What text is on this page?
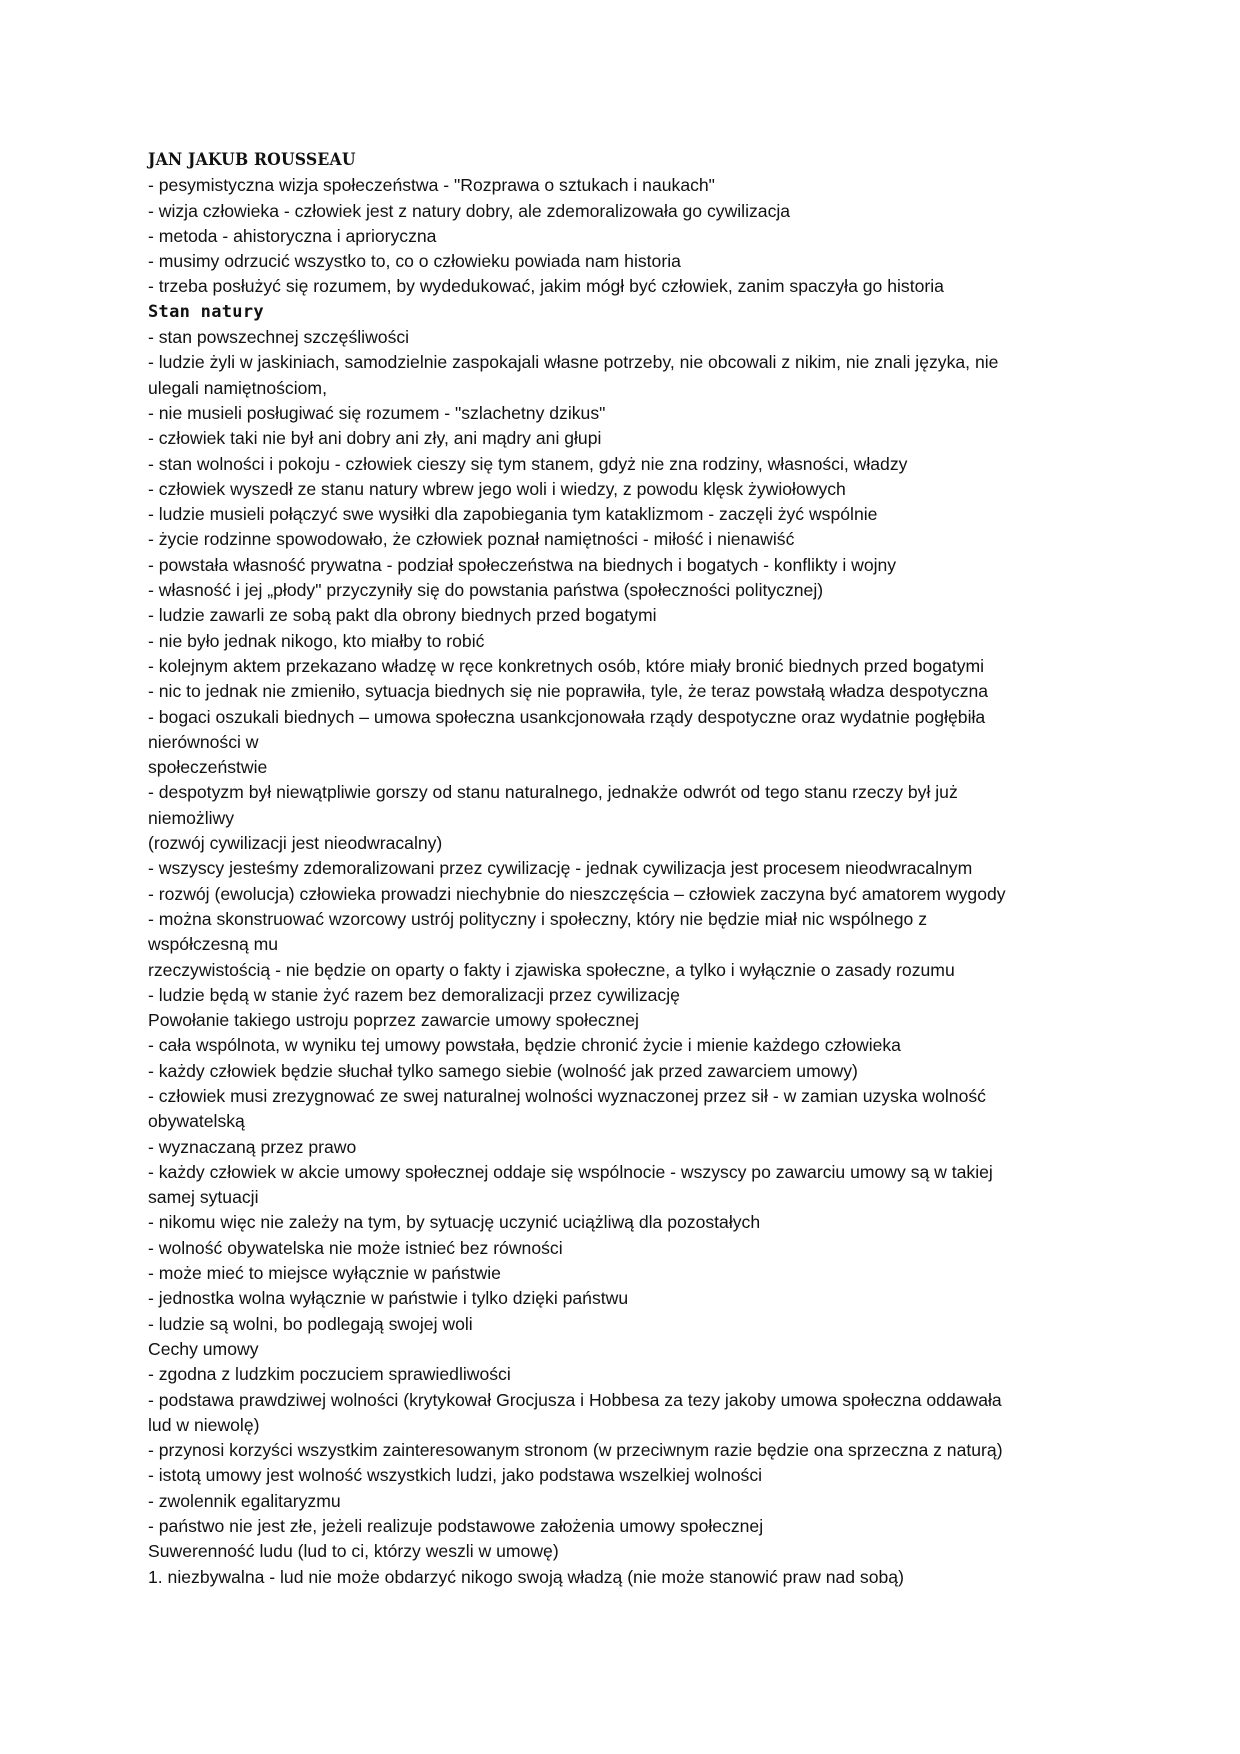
JAN JAKUB ROUSSEAU
- pesymistyczna wizja społeczeństwa - "Rozprawa o sztukach i naukach"
- wizja człowieka - człowiek jest z natury dobry, ale zdemoralizowała go cywilizacja
- metoda - ahistoryczna i aprioryczna
- musimy odrzucić wszystko to, co o człowieku powiada nam historia
- trzeba posłużyć się rozumem, by wydedukować, jakim mógł być człowiek, zanim spaczyła go historia
Stan natury
- stan powszechnej szczęśliwości
- ludzie żyli w jaskiniach, samodzielnie zaspokajali własne potrzeby, nie obcowali z nikim, nie znali języka, nie
ulegali namiętnościom,
- nie musieli posługiwać się rozumem - "szlachetny dzikus"
- człowiek taki nie był ani dobry ani zły, ani mądry ani głupi
- stan wolności i pokoju - człowiek cieszy się tym stanem, gdyż nie zna rodziny, własności, władzy
- człowiek wyszedł ze stanu natury wbrew jego woli i wiedzy, z powodu klęsk żywiołowych
- ludzie musieli połączyć swe wysiłki dla zapobiegania tym kataklizmom - zaczęli żyć wspólnie
- życie rodzinne spowodowało, że człowiek poznał namiętności - miłość i nienawiść
- powstała własność prywatna - podział społeczeństwa na biednych i bogatych - konflikty i wojny
- własność i jej „płody" przyczyniły się do powstania państwa (społeczności politycznej)
- ludzie zawarli ze sobą pakt dla obrony biednych przed bogatymi
- nie było jednak nikogo, kto miałby to robić
- kolejnym aktem przekazano władzę w ręce konkretnych osób, które miały bronić biednych przed bogatymi
- nic to jednak nie zmieniło, sytuacja biednych się nie poprawiła, tyle, że teraz powstałą władza despotyczna
- bogaci oszukali biednych – umowa społeczna usankcjonowała rządy despotyczne oraz wydatnie pogłębiła
nierówności w
społeczeństwie
- despotyzm był niewątpliwie gorszy od stanu naturalnego, jednakże odwrót od tego stanu rzeczy był już
niemożliwy
(rozwój cywilizacji jest nieodwracalny)
- wszyscy jesteśmy zdemoralizowani przez cywilizację - jednak cywilizacja jest procesem nieodwracalnym
- rozwój (ewolucja) człowieka prowadzi niechybnie do nieszczęścia – człowiek zaczyna być amatorem wygody
- można skonstruować wzorcowy ustrój polityczny i społeczny, który nie będzie miał nic wspólnego z
współczesną mu
rzeczywistością - nie będzie on oparty o fakty i zjawiska społeczne, a tylko i wyłącznie o zasady rozumu
- ludzie będą w stanie żyć razem bez demoralizacji przez cywilizację
Powołanie takiego ustroju poprzez zawarcie umowy społecznej
- cała wspólnota, w wyniku tej umowy powstała, będzie chronić życie i mienie każdego człowieka
- każdy człowiek będzie słuchał tylko samego siebie (wolność jak przed zawarciem umowy)
- człowiek musi zrezygnować ze swej naturalnej wolności wyznaczonej przez sił - w zamian uzyska wolność
obywatelską
- wyznaczaną przez prawo
- każdy człowiek w akcie umowy społecznej oddaje się wspólnocie - wszyscy po zawarciu umowy są w takiej
samej sytuacji
- nikomu więc nie zależy na tym, by sytuację uczynić uciążliwą dla pozostałych
- wolność obywatelska nie może istnieć bez równości
- może mieć to miejsce wyłącznie w państwie
- jednostka wolna wyłącznie w państwie i tylko dzięki państwu
- ludzie są wolni, bo podlegają swojej woli
Cechy umowy
- zgodna z ludzkim poczuciem sprawiedliwości
- podstawa prawdziwej wolności (krytykował Grocjusza i Hobbesa za tezy jakoby umowa społeczna oddawała
lud w niewolę)
- przynosi korzyści wszystkim zainteresowanym stronom (w przeciwnym razie będzie ona sprzeczna z naturą)
- istotą umowy jest wolność wszystkich ludzi, jako podstawa wszelkiej wolności
- zwolennik egalitaryzmu
- państwo nie jest złe, jeżeli realizuje podstawowe założenia umowy społecznej
Suwerenność ludu (lud to ci, którzy weszli w umowę)
1. niezbywalna - lud nie może obdarzyć nikogo swoją władzą (nie może stanowić praw nad sobą)
